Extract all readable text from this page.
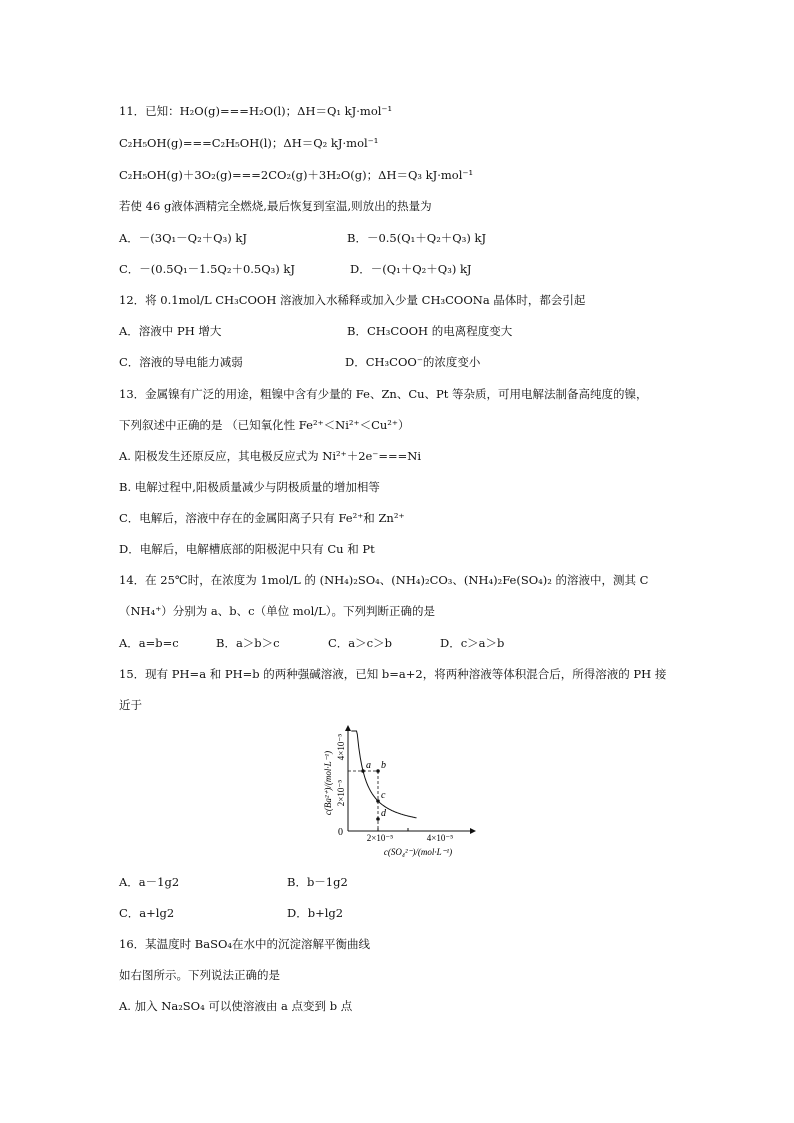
11．已知：H₂O(g)===H₂O(l)；ΔH＝Q₁ kJ·mol⁻¹
C₂H₅OH(g)===C₂H₅OH(l)；ΔH＝Q₂ kJ·mol⁻¹
C₂H₅OH(g)＋3O₂(g)===2CO₂(g)＋3H₂O(g)；ΔH＝Q₃ kJ·mol⁻¹
若使 46 g液体酒精完全燃烧,最后恢复到室温,则放出的热量为
A．－(3Q₁－Q₂＋Q₃) kJ	B．－0.5(Q₁＋Q₂＋Q₃) kJ
C．－(0.5Q₁－1.5Q₂＋0.5Q₃) kJ	D．－(Q₁＋Q₂＋Q₃) kJ
12．将 0.1mol/L CH₃COOH 溶液加入水稀释或加入少量 CH₃COONa 晶体时，都会引起
A．溶液中 PH 增大	B．CH₃COOH 的电离程度变大
C．溶液的导电能力减弱	D．CH₃COO⁻的浓度变小
13．金属镍有广泛的用途，粗镍中含有少量的 Fe、Zn、Cu、Pt 等杂质，可用电解法制备高纯度的镍，
下列叙述中正确的是 （已知氧化性 Fe²⁺＜Ni²⁺＜Cu²⁺）
A. 阳极发生还原反应，其电极反应式为 Ni²⁺＋2e⁻===Ni
B. 电解过程中,阳极质量减少与阴极质量的增加相等
C．电解后，溶液中存在的金属阳离子只有 Fe²⁺和 Zn²⁺
D．电解后，电解槽底部的阳极泥中只有 Cu 和 Pt
14．在 25℃时，在浓度为 1mol/L 的 (NH₄)₂SO₄、(NH₄)₂CO₃、(NH₄)₂Fe(SO₄)₂ 的溶液中，测其 C
（NH₄⁺）分别为 a、b、c（单位 mol/L）。下列判断正确的是
A．a=b=c	B．a＞b＞c	C．a＞c＞b	D．c＞a＞b
15．现有 PH=a 和 PH=b 的两种强碱溶液，已知 b=a+2，将两种溶液等体积混合后，所得溶液的 PH 接
近于
a b
c
d
0	2×10⁻⁵	4×10⁻⁵
c(SO₄²⁻)/(mol·L⁻¹)
2×10⁻⁵
4×10⁻⁵
c(Ba²⁺)/(mol·L⁻¹)
A．a－1g2	B．b－1g2
C．a+lg2	D．b+lg2
16．某温度时 BaSO₄在水中的沉淀溶解平衡曲线
如右图所示。下列说法正确的是
A. 加入 Na₂SO₄ 可以使溶液由 a 点变到 b 点
